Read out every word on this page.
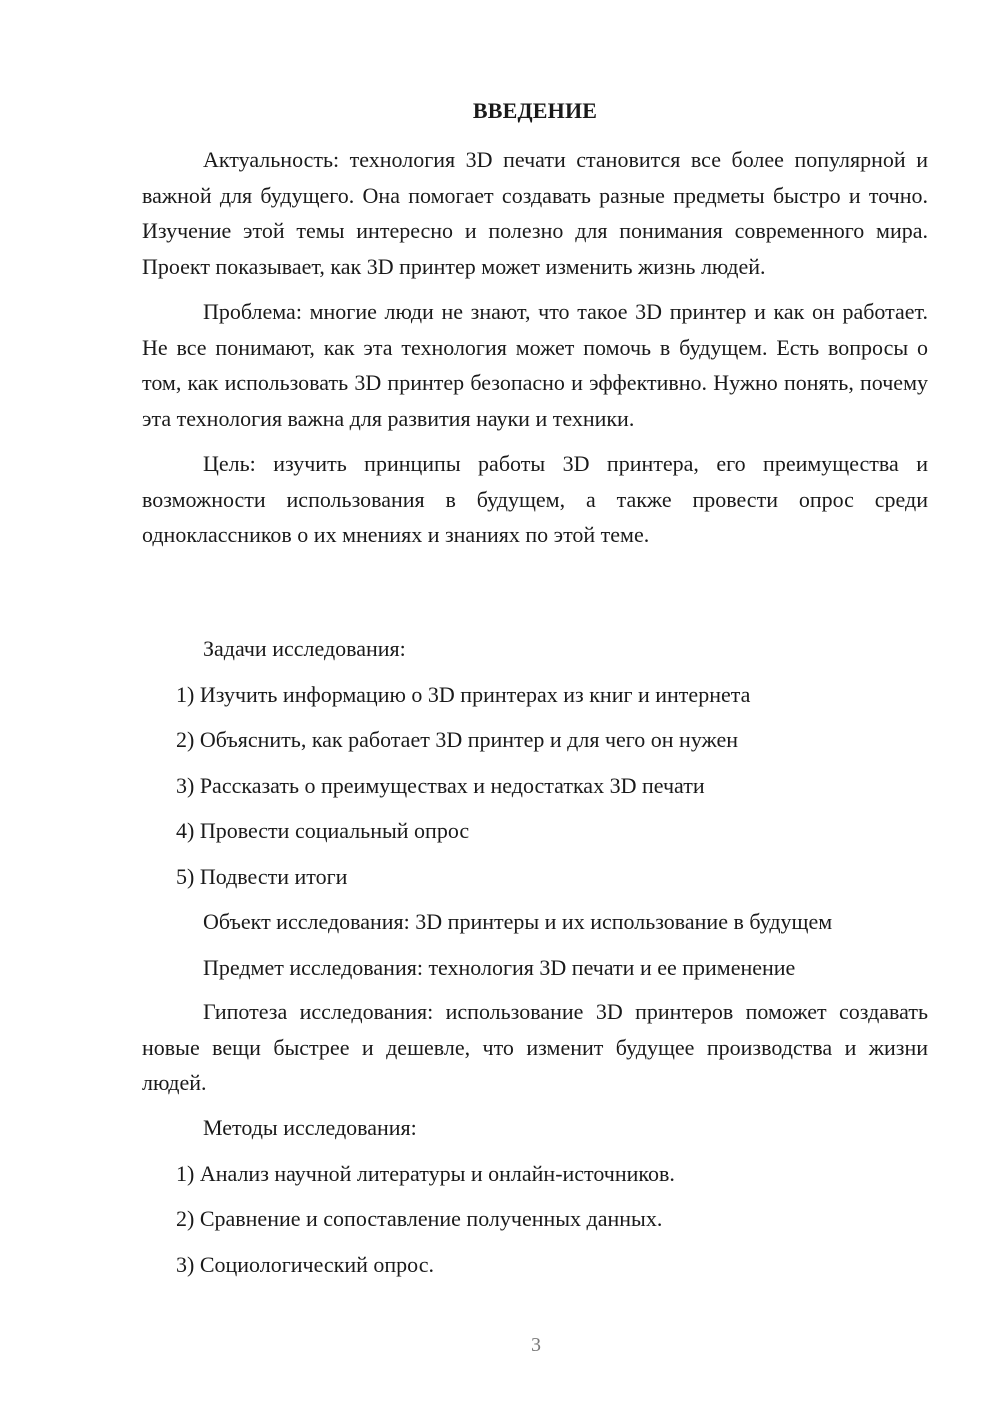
ВВЕДЕНИЕ

Актуальность: технология 3D печати становится все более популярной и важной для будущего. Она помогает создавать разные предметы быстро и точно. Изучение этой темы интересно и полезно для понимания современного мира. Проект показывает, как 3D принтер может изменить жизнь людей.

Проблема: многие люди не знают, что такое 3D принтер и как он работает. Не все понимают, как эта технология может помочь в будущем. Есть вопросы о том, как использовать 3D принтер безопасно и эффективно. Нужно понять, почему эта технология важна для развития науки и техники.

Цель: изучить принципы работы 3D принтера, его преимущества и возможности использования в будущем, а также провести опрос среди одноклассников о их мнениях и знаниях по этой теме.

Задачи исследования:

1) Изучить информацию о 3D принтерах из книг и интернета

2) Объяснить, как работает 3D принтер и для чего он нужен

3) Рассказать о преимуществах и недостатках 3D печати

4) Провести социальный опрос

5) Подвести итоги

Объект исследования: 3D принтеры и их использование в будущем

Предмет исследования: технология 3D печати и ее применение

Гипотеза исследования: использование 3D принтеров поможет создавать новые вещи быстрее и дешевле, что изменит будущее производства и жизни людей.

Методы исследования:

1) Анализ научной литературы и онлайн-источников.

2) Сравнение и сопоставление полученных данных.

3) Социологический опрос.

3
